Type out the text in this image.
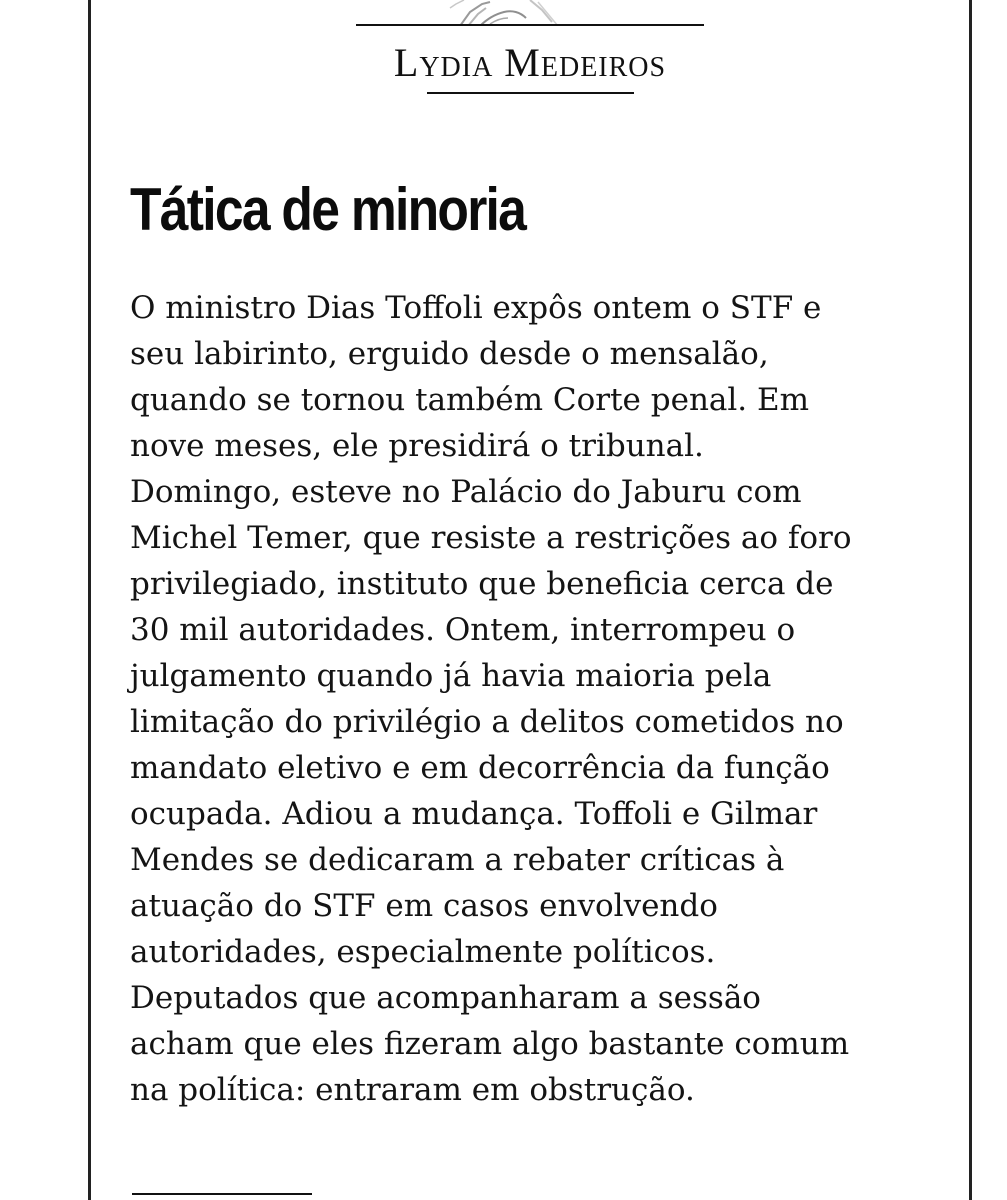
Lydia Medeiros
Tática de minoria
O ministro Dias Toffoli expôs ontem o STF e
seu labirinto, erguido desde o mensalão,
quando se tornou também Corte penal. Em
nove meses, ele presidirá o tribunal.
Domingo, esteve no Palácio do Jaburu com
Michel Temer, que resiste a restrições ao foro
privilegiado, instituto que beneficia cerca de
30 mil autoridades. Ontem, interrompeu o
julgamento quando já havia maioria pela
limitação do privilégio a delitos cometidos no
mandato eletivo e em decorrência da função
ocupada. Adiou a mudança. Toffoli e Gilmar
Mendes se dedicaram a rebater críticas à
atuação do STF em casos envolvendo
autoridades, especialmente políticos.
Deputados que acompanharam a sessão
acham que eles fizeram algo bastante comum
na política: entraram em obstrução.
